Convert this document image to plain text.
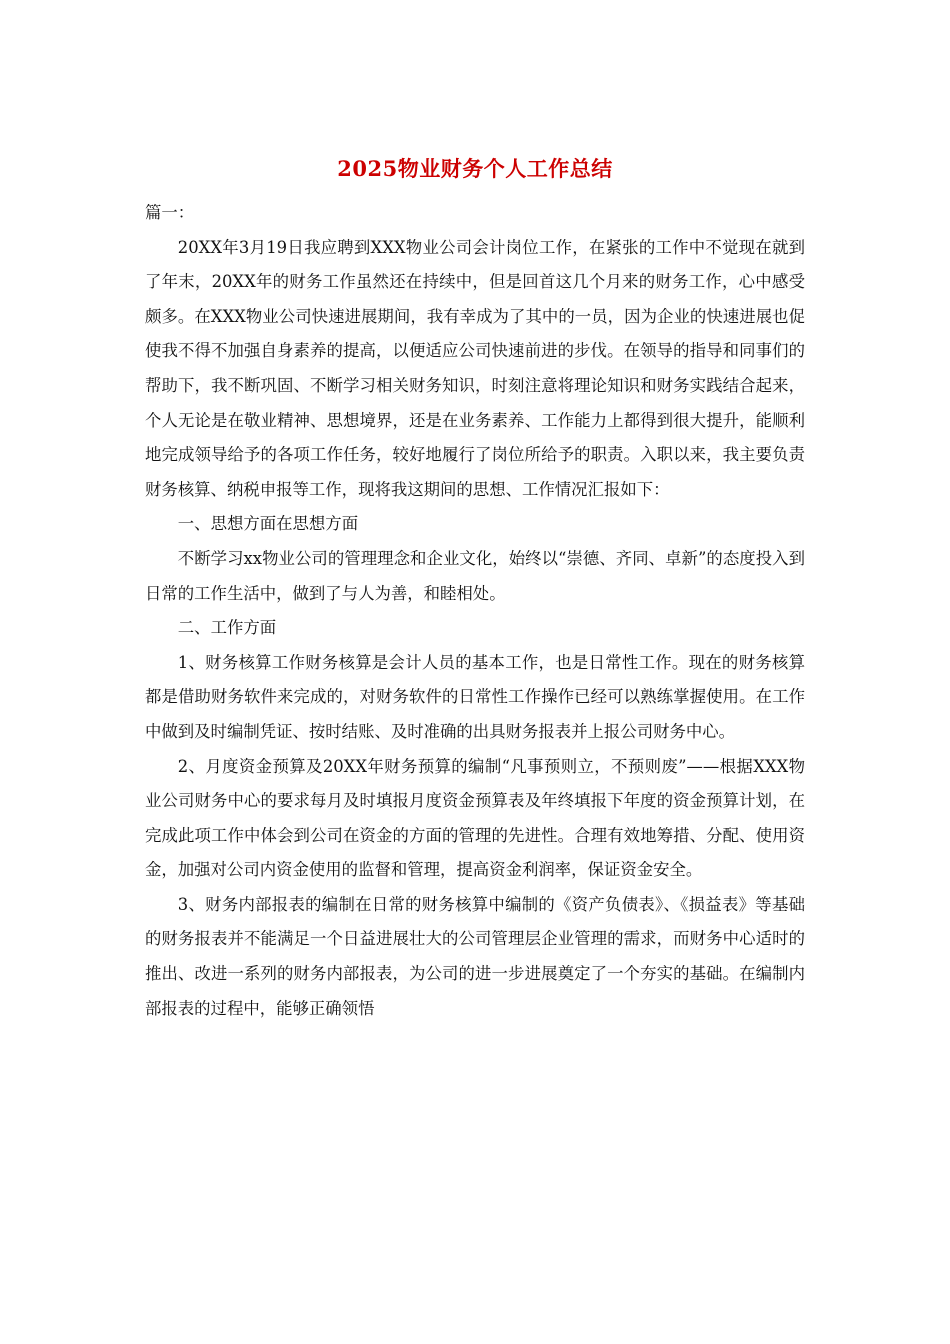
2025物业财务个人工作总结

篇一：

20XX年3月19日我应聘到XXX物业公司会计岗位工作，在紧张的工作中不觉现在就到了年末，20XX年的财务工作虽然还在持续中，但是回首这几个月来的财务工作，心中感受颇多。在XXX物业公司快速进展期间，我有幸成为了其中的一员，因为企业的快速进展也促使我不得不加强自身素养的提高，以便适应公司快速前进的步伐。在领导的指导和同事们的帮助下，我不断巩固、不断学习相关财务知识，时刻注意将理论知识和财务实践结合起来，个人无论是在敬业精神、思想境界，还是在业务素养、工作能力上都得到很大提升，能顺利地完成领导给予的各项工作任务，较好地履行了岗位所给予的职责。入职以来，我主要负责财务核算、纳税申报等工作，现将我这期间的思想、工作情况汇报如下：

一、思想方面在思想方面

不断学习xx物业公司的管理理念和企业文化，始终以“崇德、齐同、卓新”的态度投入到日常的工作生活中，做到了与人为善，和睦相处。

二、工作方面

1、财务核算工作财务核算是会计人员的基本工作，也是日常性工作。现在的财务核算都是借助财务软件来完成的，对财务软件的日常性工作操作已经可以熟练掌握使用。在工作中做到及时编制凭证、按时结账、及时准确的出具财务报表并上报公司财务中心。

2、月度资金预算及20XX年财务预算的编制“凡事预则立，不预则废”——根据XXX物业公司财务中心的要求每月及时填报月度资金预算表及年终填报下年度的资金预算计划，在完成此项工作中体会到公司在资金的方面的管理的先进性。合理有效地筹措、分配、使用资金，加强对公司内资金使用的监督和管理，提高资金利润率，保证资金安全。

3、财务内部报表的编制在日常的财务核算中编制的《资产负债表》、《损益表》等基础的财务报表并不能满足一个日益进展壮大的公司管理层企业管理的需求，而财务中心适时的推出、改进一系列的财务内部报表，为公司的进一步进展奠定了一个夯实的基础。在编制内部报表的过程中，能够正确领悟
